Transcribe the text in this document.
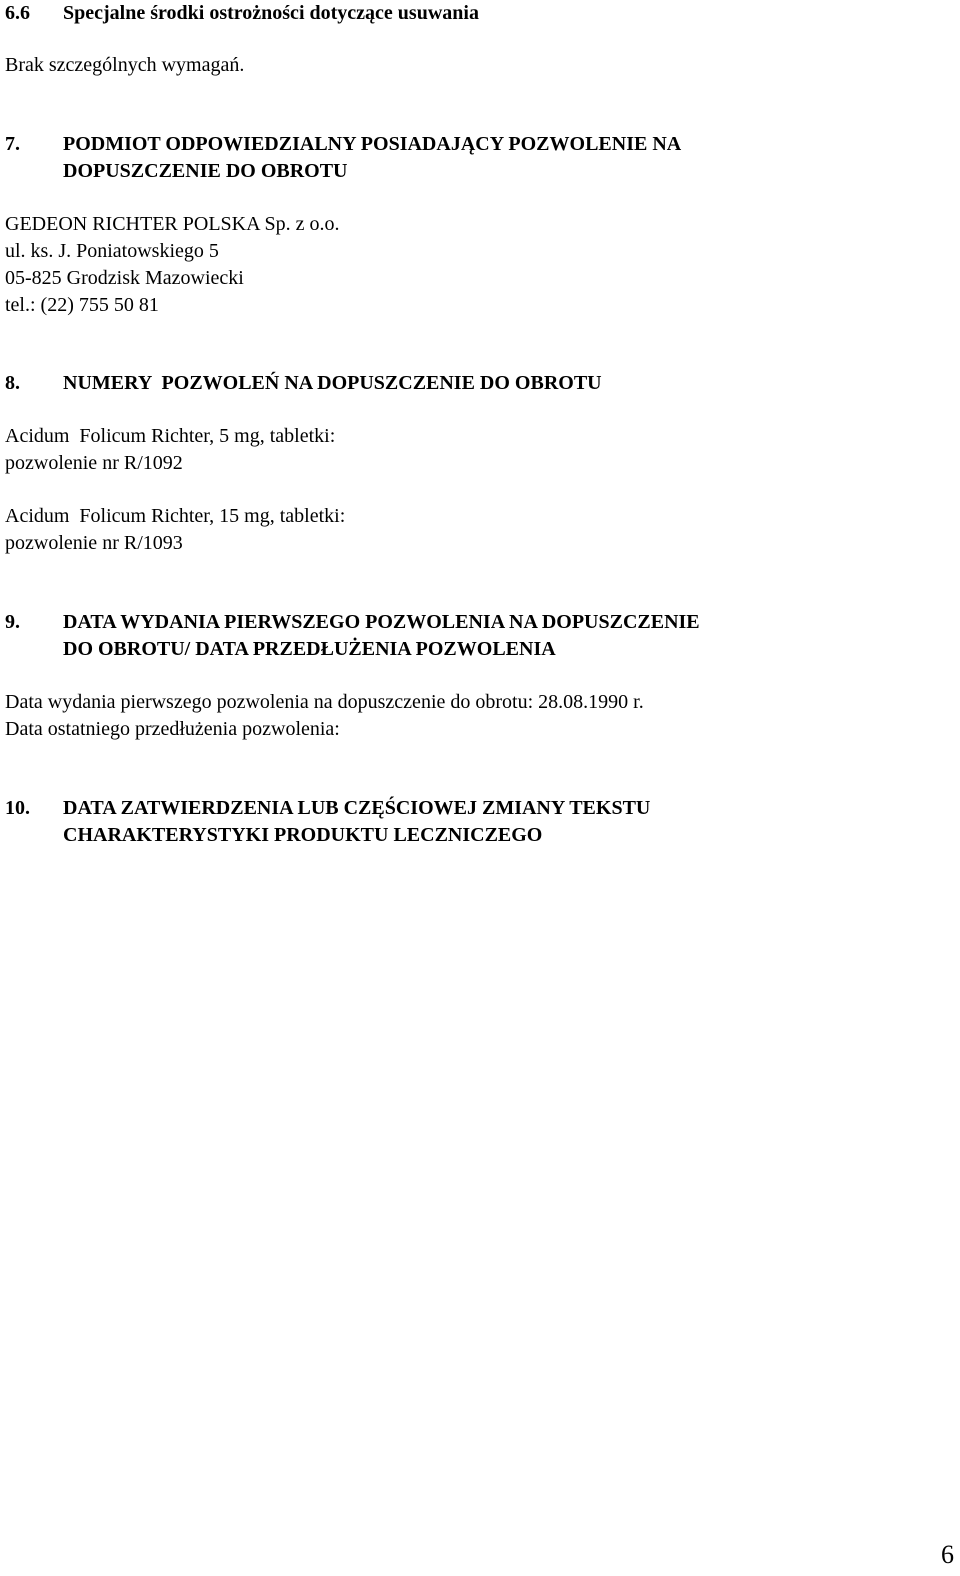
6.6	Specjalne środki ostrożności dotyczące usuwania
Brak szczególnych wymagań.
7.	PODMIOT ODPOWIEDZIALNY POSIADAJĄCY POZWOLENIE NA
DOPUSZCZENIE DO OBROTU
GEDEON RICHTER POLSKA Sp. z o.o.
ul. ks. J. Poniatowskiego 5
05-825 Grodzisk Mazowiecki
tel.: (22) 755 50 81
8.	NUMERY  POZWOLEŃ NA DOPUSZCZENIE DO OBROTU
Acidum  Folicum Richter, 5 mg, tabletki:
pozwolenie nr R/1092
Acidum  Folicum Richter, 15 mg, tabletki:
pozwolenie nr R/1093
9.	DATA WYDANIA PIERWSZEGO POZWOLENIA NA DOPUSZCZENIE
DO OBROTU/ DATA PRZEDŁUŻENIA POZWOLENIA
Data wydania pierwszego pozwolenia na dopuszczenie do obrotu: 28.08.1990 r.
Data ostatniego przedłużenia pozwolenia:
10.	DATA ZATWIERDZENIA LUB CZĘŚCIOWEJ ZMIANY TEKSTU
CHARAKTERYSTYKI PRODUKTU LECZNICZEGO
6
